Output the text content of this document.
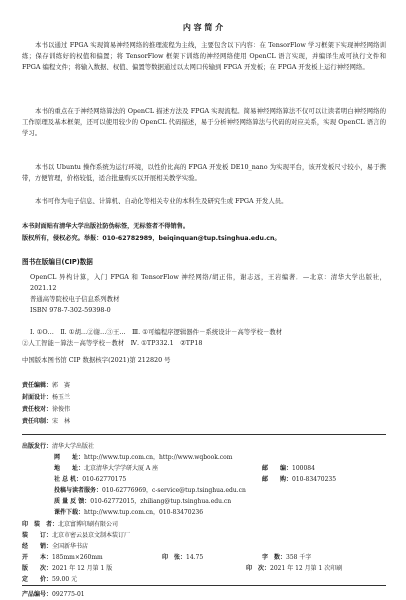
内 容 简 介
本书以通过 FPGA 实现简易神经网络的推理流程为主线，主要包含以下内容：在 TensorFlow 学习框架下实现神经网络训练；保存训练好的权值和偏置；将 TensorFlow 框架下训练的神经网络使用 OpenCL 语言实现，并编译生成可执行文件和 FPGA 编程文件；将输入数据、权值、偏置等数据通过以太网口传输到 FPGA 开发板；在 FPGA 开发板上运行神经网络。
本书的重点在于神经网络算法的 OpenCL 描述方法及 FPGA 实现流程。简易神经网络算法不仅可以让读者明白神经网络的工作原理及基本框架，还可以使用较少的 OpenCL 代码描述，易于分析神经网络算法与代码的对应关系，实现 OpenCL 语言的学习。
本书以 Ubuntu 操作系统为运行环境，以性价比高的 FPGA 开发板 DE10_nano 为实现平台，该开发板尺寸较小，易于携带，方便管理，价格较低，适合批量购买以开展相关教学实验。
本书可作为电子信息、计算机、自动化等相关专业的本科生及研究生或 FPGA 开发人员。
本书封面贴有清华大学出版社防伪标签，无标签者不得销售。
版权所有，侵权必究。举报：010-62782989，beiqinquan@tup.tsinghua.edu.cn。
图书在版编目(CIP)数据
OpenCL 异构计算，入门 FPGA 和 TensorFlow 神经网络/胡正伟，谢志远，王岩编著．—北京：清华大学出版社，2021.12
普通高等院校电子信息系列教材
ISBN 978-7-302-59398-0
Ⅰ. ①O…　Ⅱ. ①胡…②谢…③王…　Ⅲ. ①可编程序逻辑器件－系统设计－高等学校－教材
②人工智能－算法－高等学校－教材　Ⅳ. ①TP332.1　②TP18
中国版本图书馆 CIP 数据核字(2021)第 212820 号
责任编辑：郭　赛
封面设计：杨玉兰
责任校对：徐俊伟
责任印制：宋　林
出版发行：清华大学出版社
网　　址：http://www.tup.com.cn，http://www.wqbook.com
地　　址：北京清华大学学研大厦 A 座	邮　　编：100084
社 总 机：010-62770175	邮　　购：010-83470235
投稿与读者服务：010-62776969，c-service@tup.tsinghua.edu.cn
质 量 反 馈：010-62772015，zhiliang@tup.tsinghua.edu.cn
课件下载：http://www.tup.com.cn，010-83470236
印　装　者：北京富博印刷有限公司
装　　订：北京市密云县京文制本装订厂
经　　销：全国新华书店
开　　本：185mm×260mm	印　张：14.75	字　数：358 千字
版　　次：2021 年 12 月第 1 版	印　次：2021 年 12 月第 1 次印刷
定　　价：59.00 元
产品编号：092775-01
